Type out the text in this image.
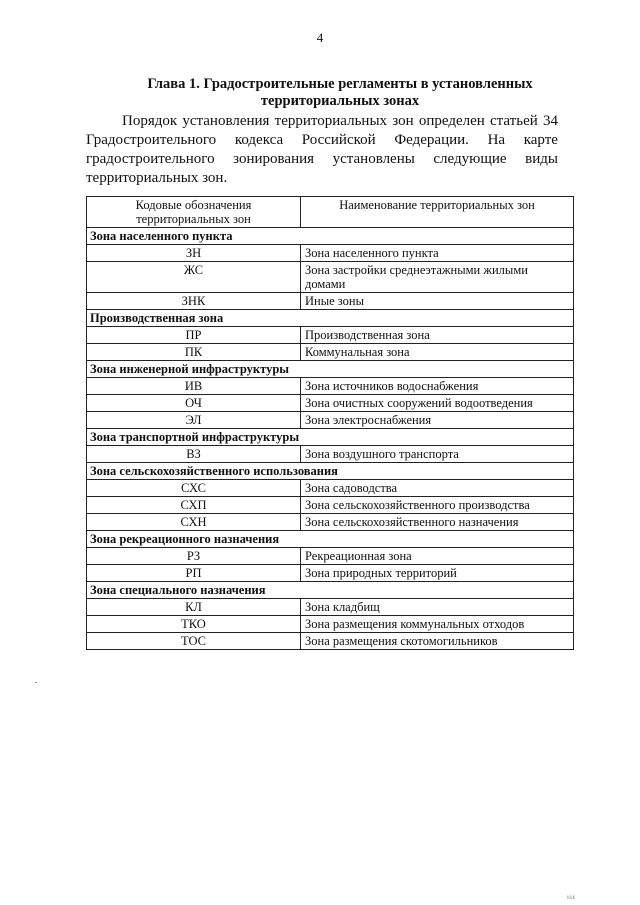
4
Глава 1. Градостроительные регламенты в установленных
территориальных зонах
Порядок установления территориальных зон определен статьей 34
Градостроительного кодекса Российской Федерации. На карте
градостроительного зонирования установлены следующие виды
территориальных зон.
Кодовые обозначения территориальных зон	Наименование территориальных зон
Зона населенного пункта	
ЗН	Зона населенного пункта
ЖС	Зона застройки среднеэтажными жилыми домами
ЗНК	Иные зоны
Производственная зона	
ПР	Производственная зона
ПК	Коммунальная зона
Зона инженерной инфраструктуры	
ИВ	Зона источников водоснабжения
ОЧ	Зона очистных сооружений водоотведения
ЭЛ	Зона электроснабжения
Зона транспортной инфраструктуры	
ВЗ	Зона воздушного транспорта
Зона сельскохозяйственного использования	
СХС	Зона садоводства
СХП	Зона сельскохозяйственного производства
СХН	Зона сельскохозяйственного назначения
Зона рекреационного назначения	
РЗ	Рекреационная зона
РП	Зона природных территорий
Зона специального назначения	
КЛ	Зона кладбищ
ТКО	Зона размещения коммунальных отходов
ТОС	Зона размещения скотомогильников
ııı
